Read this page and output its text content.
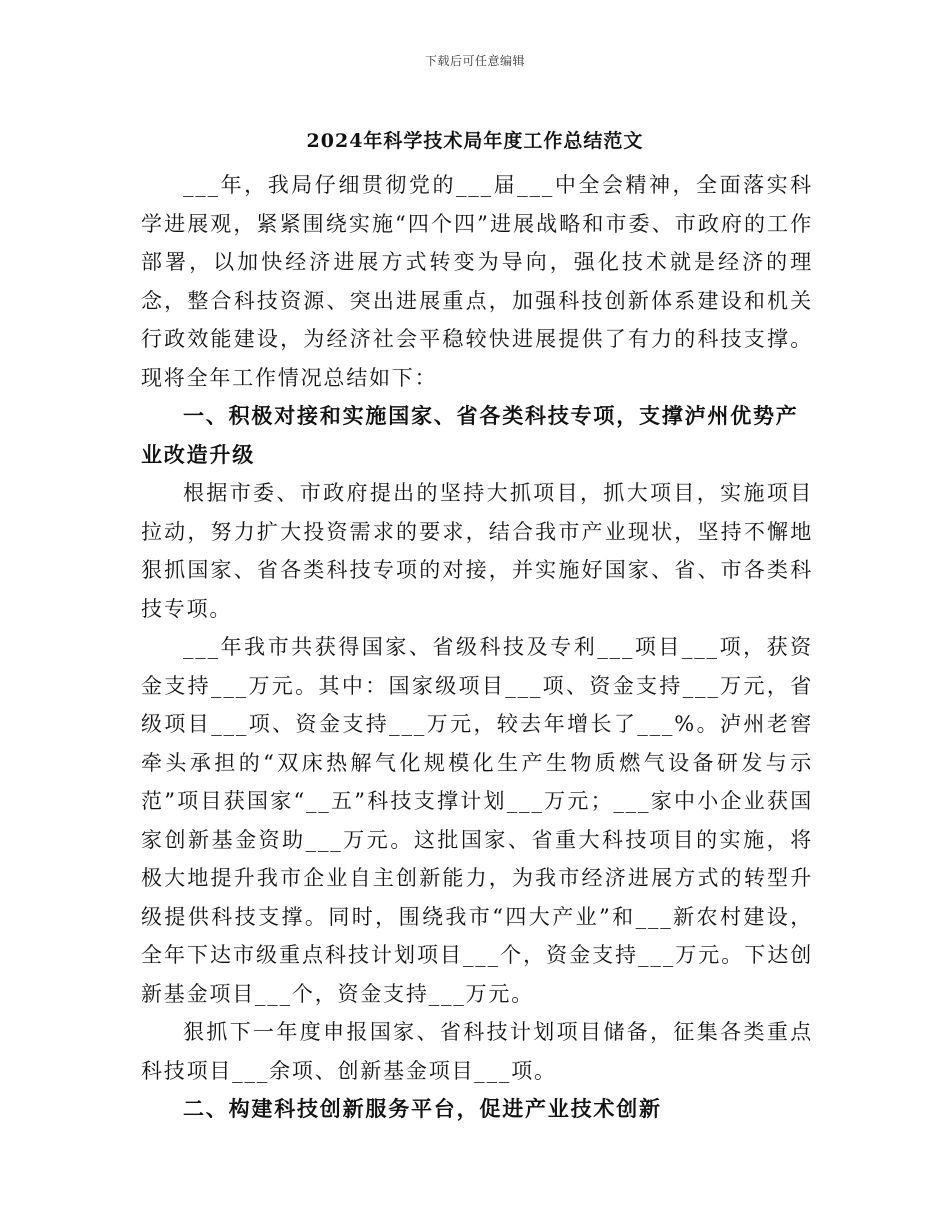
下载后可任意编辑
2024年科学技术局年度工作总结范文

___年，我局仔细贯彻党的___届___中全会精神，全面落实科学进展观，紧紧围绕实施“四个四”进展战略和市委、市政府的工作部署，以加快经济进展方式转变为导向，强化技术就是经济的理念，整合科技资源、突出进展重点，加强科技创新体系建设和机关行政效能建设，为经济社会平稳较快进展提供了有力的科技支撑。现将全年工作情况总结如下：

一、积极对接和实施国家、省各类科技专项，支撑泸州优势产业改造升级

根据市委、市政府提出的坚持大抓项目，抓大项目，实施项目拉动，努力扩大投资需求的要求，结合我市产业现状，坚持不懈地狠抓国家、省各类科技专项的对接，并实施好国家、省、市各类科技专项。

___年我市共获得国家、省级科技及专利___项目___项，获资金支持___万元。其中：国家级项目___项、资金支持___万元，省级项目___项、资金支持___万元，较去年增长了___%。泸州老窖牵头承担的“双床热解气化规模化生产生物质燃气设备研发与示范”项目获国家“__五”科技支撑计划___万元；___家中小企业获国家创新基金资助___万元。这批国家、省重大科技项目的实施，将极大地提升我市企业自主创新能力，为我市经济进展方式的转型升级提供科技支撑。同时，围绕我市“四大产业”和___新农村建设，全年下达市级重点科技计划项目___个，资金支持___万元。下达创新基金项目___个，资金支持___万元。

狠抓下一年度申报国家、省科技计划项目储备，征集各类重点科技项目___余项、创新基金项目___项。

二、构建科技创新服务平台，促进产业技术创新
